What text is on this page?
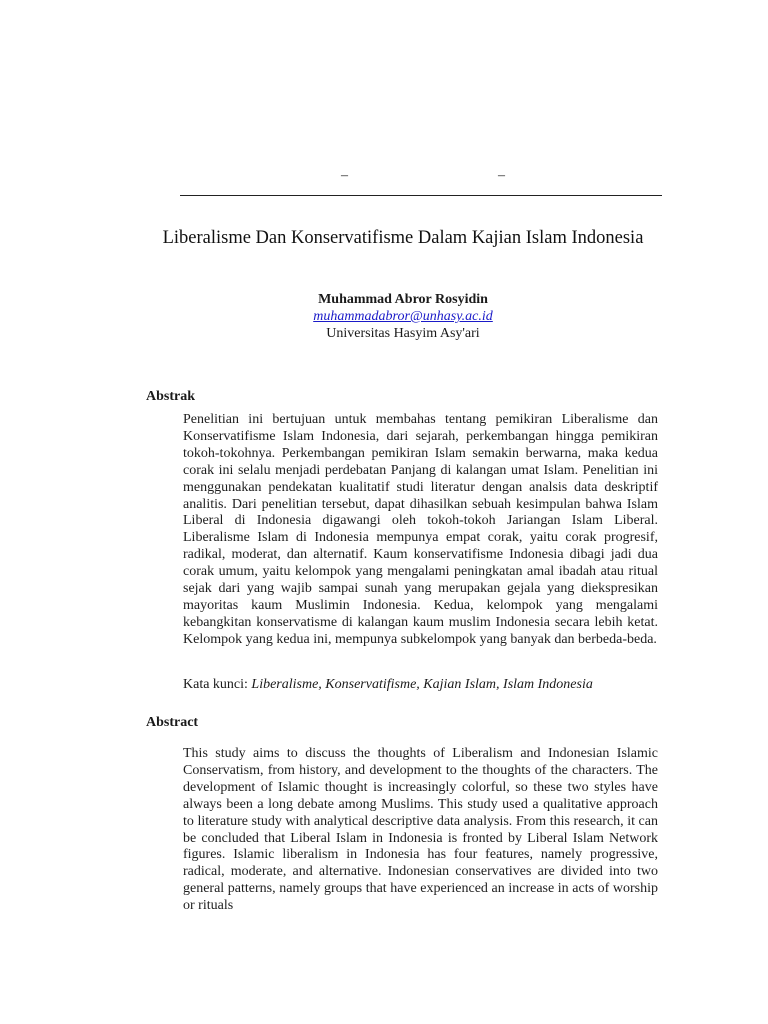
–	–
Liberalisme Dan Konservatifisme Dalam Kajian Islam Indonesia
Muhammad Abror Rosyidin
muhammadabror@unhasy.ac.id
Universitas Hasyim Asy'ari
Abstrak
Penelitian ini bertujuan untuk membahas tentang pemikiran Liberalisme dan Konservatifisme Islam Indonesia, dari sejarah, perkembangan hingga pemikiran tokoh-tokohnya. Perkembangan pemikiran Islam semakin berwarna, maka kedua corak ini selalu menjadi perdebatan Panjang di kalangan umat Islam. Penelitian ini menggunakan pendekatan kualitatif studi literatur dengan analsis data deskriptif analitis. Dari penelitian tersebut, dapat dihasilkan sebuah kesimpulan bahwa Islam Liberal di Indonesia digawangi oleh tokoh-tokoh Jariangan Islam Liberal. Liberalisme Islam di Indonesia mempunya empat corak, yaitu corak progresif, radikal, moderat, dan alternatif. Kaum konservatifisme Indonesia dibagi jadi dua corak umum, yaitu kelompok yang mengalami peningkatan amal ibadah atau ritual sejak dari yang wajib sampai sunah yang merupakan gejala yang diekspresikan mayoritas kaum Muslimin Indonesia. Kedua, kelompok yang mengalami kebangkitan konservatisme di kalangan kaum muslim Indonesia secara lebih ketat. Kelompok yang kedua ini, mempunya subkelompok yang banyak dan berbeda-beda.
Kata kunci: Liberalisme, Konservatifisme, Kajian Islam, Islam Indonesia
Abstract
This study aims to discuss the thoughts of Liberalism and Indonesian Islamic Conservatism, from history, and development to the thoughts of the characters. The development of Islamic thought is increasingly colorful, so these two styles have always been a long debate among Muslims. This study used a qualitative approach to literature study with analytical descriptive data analysis. From this research, it can be concluded that Liberal Islam in Indonesia is fronted by Liberal Islam Network figures. Islamic liberalism in Indonesia has four features, namely progressive, radical, moderate, and alternative. Indonesian conservatives are divided into two general patterns, namely groups that have experienced an increase in acts of worship or rituals
